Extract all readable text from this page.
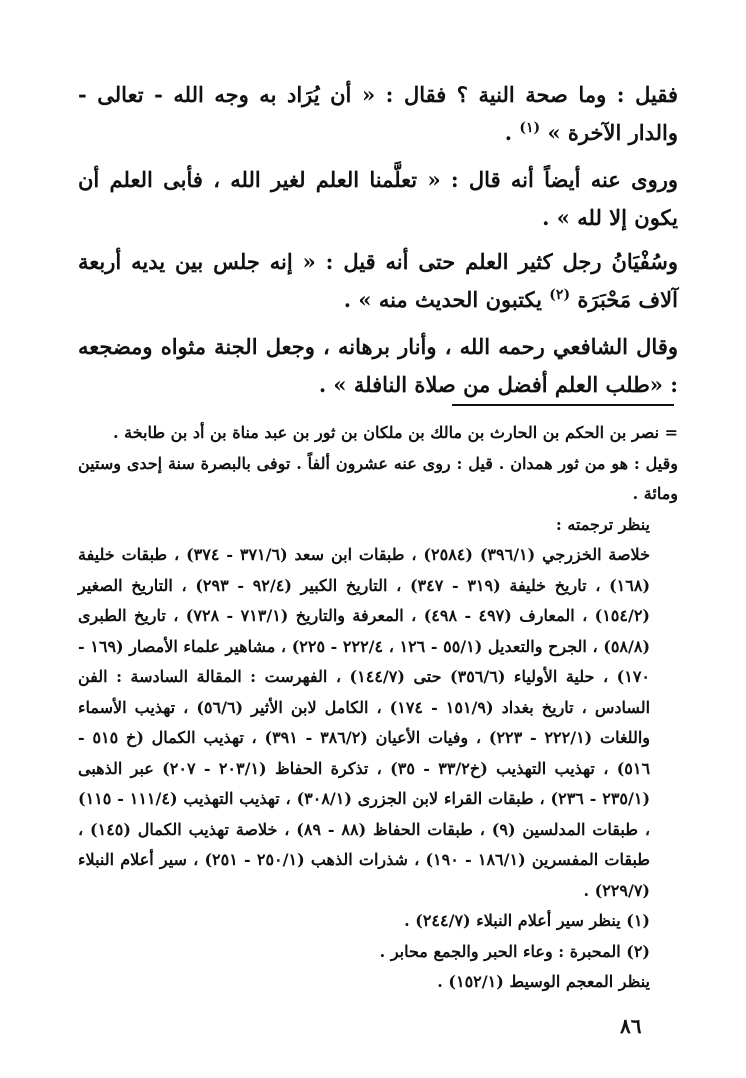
فقيل : وما صحة النية ؟ فقال : « أن يُرَاد به وجه الله - تعالى - والدار الآخرة » $^{(١)}$ .

وروى عنه أيضاً أنه قال : « تعلَّمنا العلم لغير الله ، فأبى العلم أن يكون إلا لله » .

وسُفْيَانُ رجل كثير العلم حتى أنه قيل : « إنه جلس بين يديه أربعة آلاف مَحْبَرَة $^{(٢)}$ يكتبون الحديث منه » .

وقال الشافعي رحمه الله ، وأنار برهانه ، وجعل الجنة مثواه ومضجعه : «طلب العلم أفضل من صلاة النافلة » .

= نصر بن الحكم بن الحارث بن مالك بن ملكان بن ثور بن عبد مناة بن أد بن طابخة .

وقيل : هو من ثور همدان . قيل : روى عنه عشرون ألفاً . توفى بالبصرة سنة إحدى وستين ومائة .

ينظر ترجمته :

خلاصة الخزرجي (٣٩٦/١) (٢٥٨٤) ، طبقات ابن سعد (٣٧١/٦ - ٣٧٤) ، طبقات خليفة (١٦٨) ، تاريخ خليفة (٣١٩ - ٣٤٧) ، التاريخ الكبير (٩٢/٤ - ٢٩٣) ، التاريخ الصغير (١٥٤/٢) ، المعارف (٤٩٧ - ٤٩٨) ، المعرفة والتاريخ (٧١٣/١ - ٧٢٨) ، تاريخ الطبرى (٥٨/٨) ، الجرح والتعديل (٥٥/١ - ١٢٦ ، ٢٢٢/٤ - ٢٢٥) ، مشاهير علماء الأمصار (١٦٩ - ١٧٠) ، حلية الأولياء (٣٥٦/٦) حتى (١٤٤/٧) ، الفهرست : المقالة السادسة : الفن السادس ، تاريخ بغداد (١٥١/٩ - ١٧٤) ، الكامل لابن الأثير (٥٦/٦) ، تهذيب الأسماء واللغات (٢٢٢/١ - ٢٢٣) ، وفيات الأعيان (٣٨٦/٢ - ٣٩١) ، تهذيب الكمال (خ ٥١٥ - ٥١٦) ، تهذيب التهذيب (خ٣٣/٢ - ٣٥) ، تذكرة الحفاظ (٢٠٣/١ - ٢٠٧) عبر الذهبى (٢٣٥/١ - ٢٣٦) ، طبقات القراء لابن الجزرى (٣٠٨/١) ، تهذيب التهذيب (١١١/٤ - ١١٥) ، طبقات المدلسين (٩) ، طبقات الحفاظ (٨٨ - ٨٩) ، خلاصة تهذيب الكمال (١٤٥) ، طبقات المفسرين (١٨٦/١ - ١٩٠) ، شذرات الذهب (٢٥٠/١ - ٢٥١) ، سير أعلام النبلاء (٢٢٩/٧) .

(١) ينظر سير أعلام النبلاء (٢٤٤/٧) .

(٢) المحبرة : وعاء الحبر والجمع محابر .

ينظر المعجم الوسيط (١٥٢/١) .

٨٦
